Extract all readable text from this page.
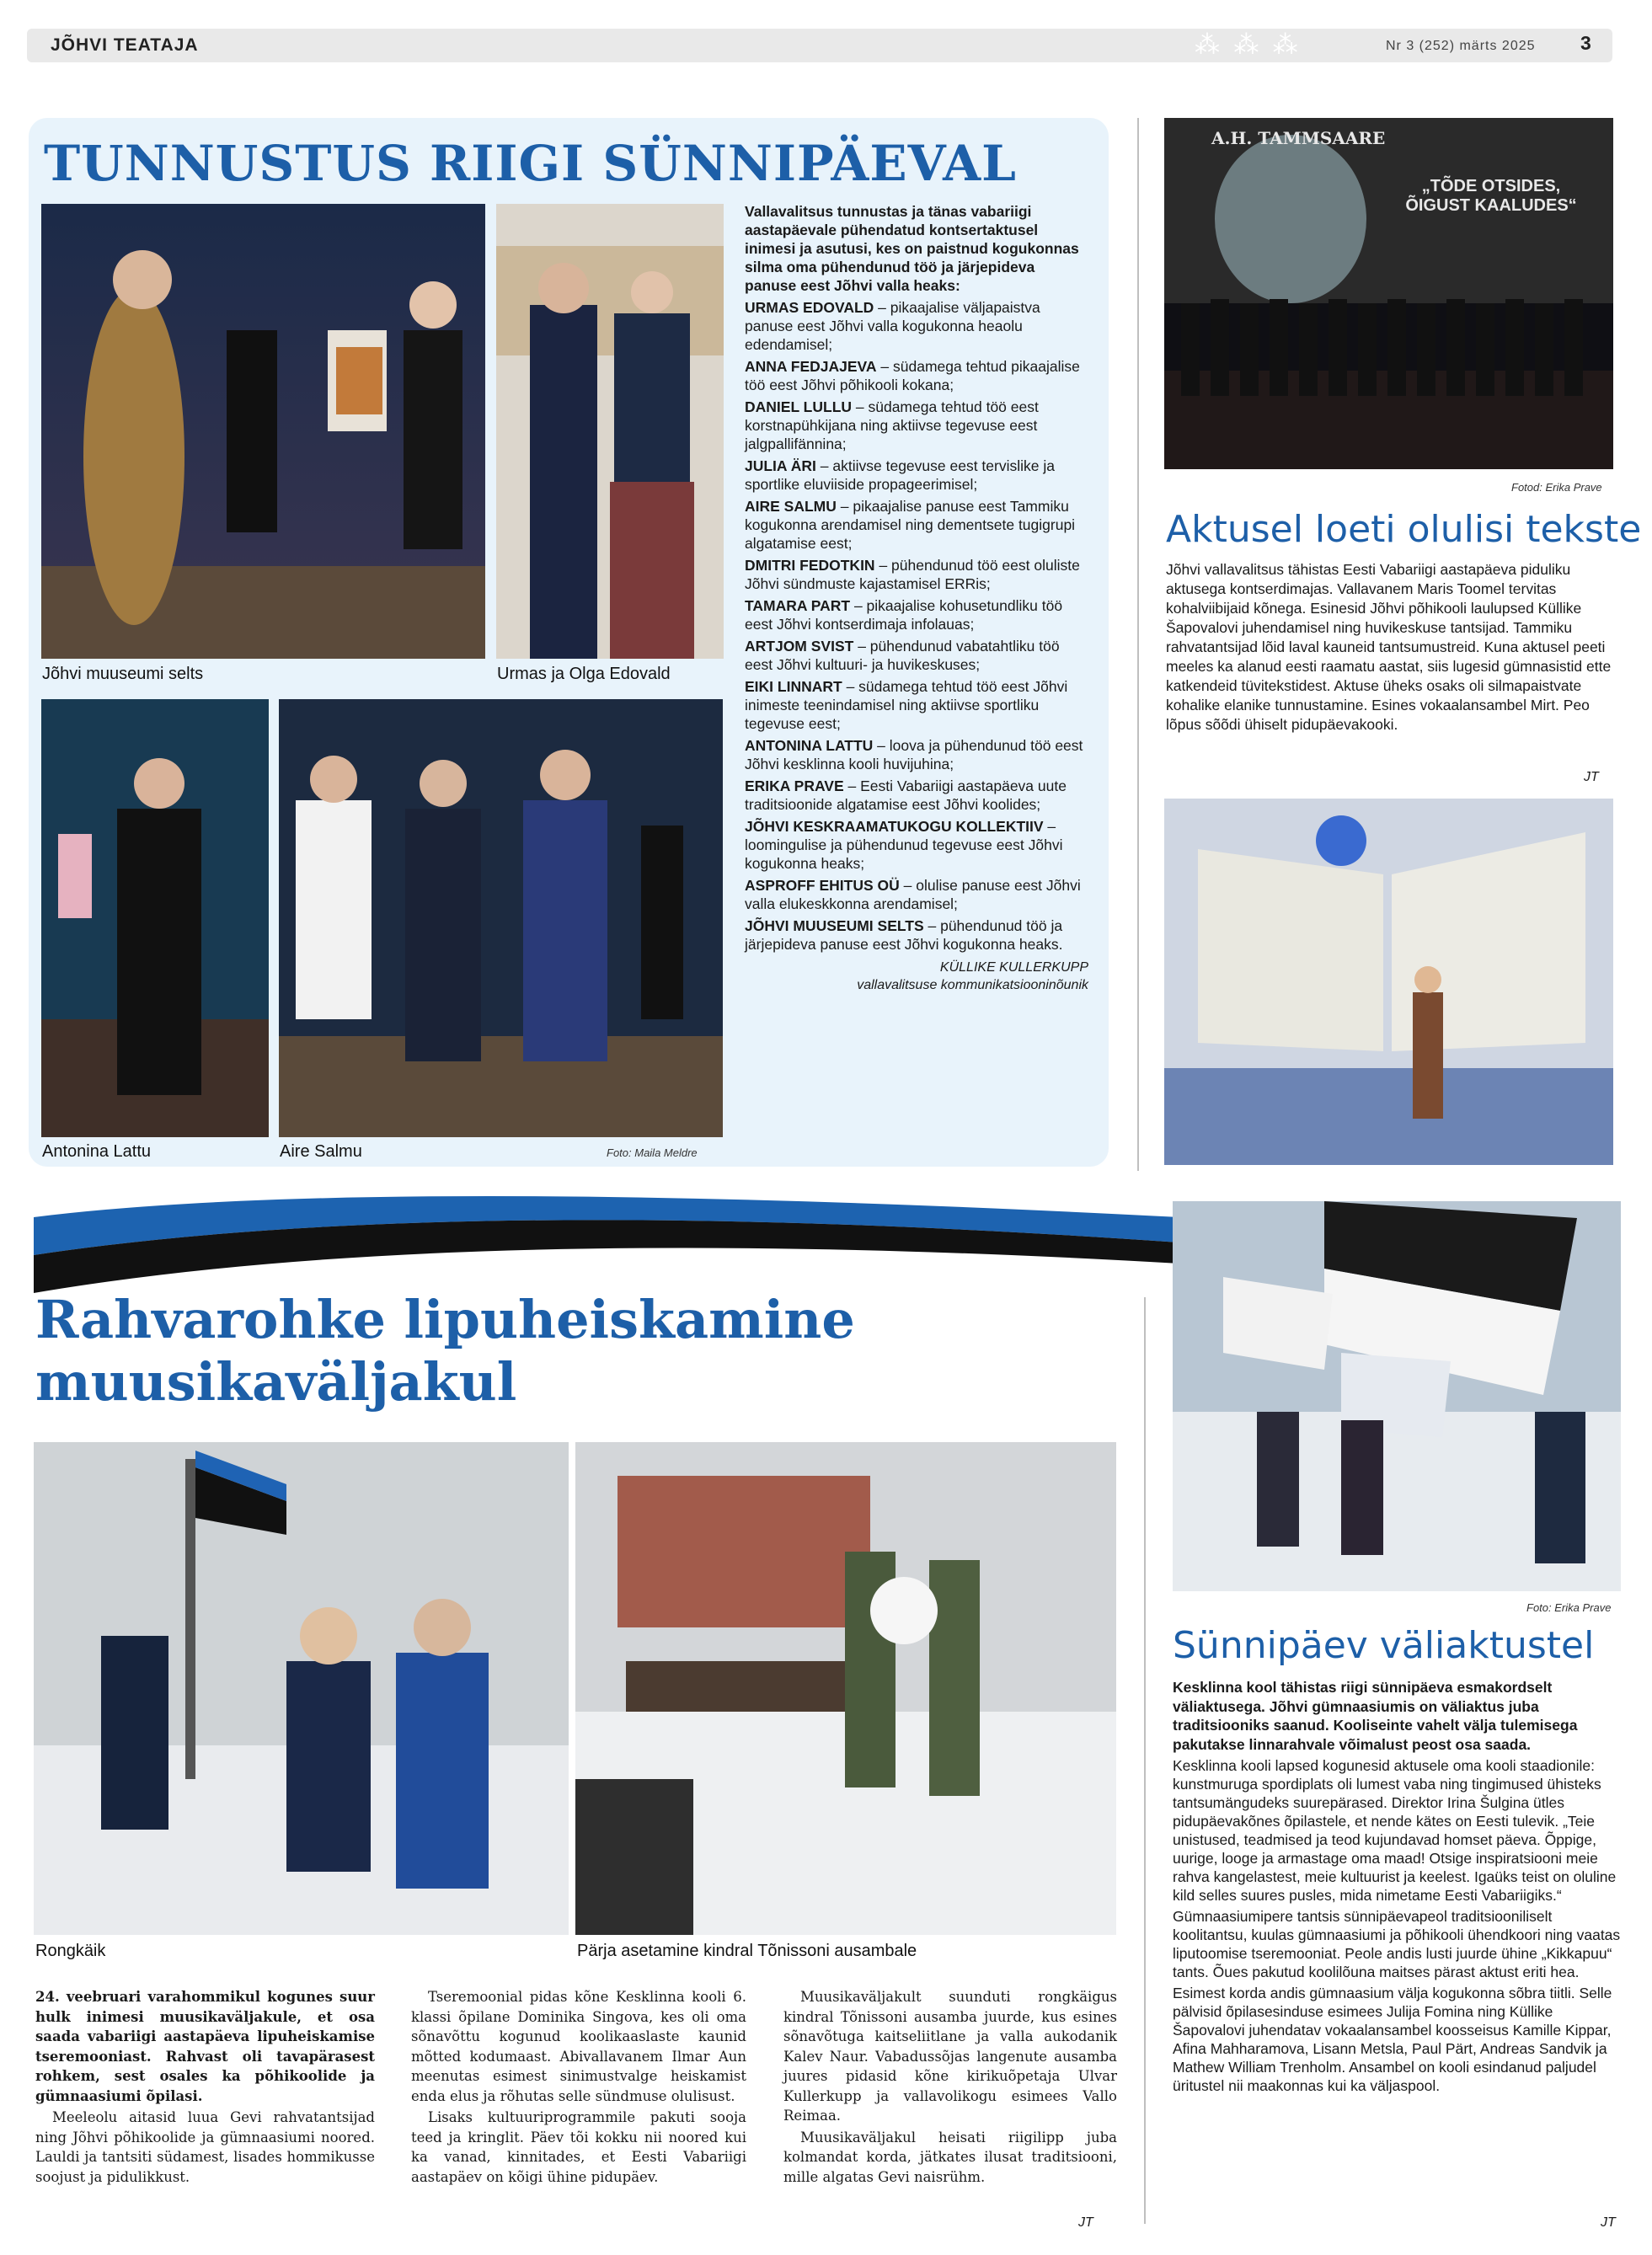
JÕHVI TEATAJA	⁂ ⁂ ⁂	Nr 3 (252) märts 2025 3
TUNNUSTUS RIIGI SÜNNIPÄEVAL
Jõhvi muuseumi selts	Urmas ja Olga Edovald
Antonina Lattu	Aire Salmu	Foto: Maila Meldre
Vallavalitsus tunnustas ja tänas vabariigi aastapäevale pühendatud kontsertaktusel inimesi ja asutusi, kes on paistnud kogukonnas silma oma pühendunud töö ja järjepideva panuse eest Jõhvi valla heaks:
URMAS EDOVALD – pikaajalise väljapaistva panuse eest Jõhvi valla kogukonna heaolu edendamisel;
ANNA FEDJAJEVA – südamega tehtud pikaajalise töö eest Jõhvi põhikooli kokana;
DANIEL LULLU – südamega tehtud töö eest korstnapühkijana ning aktiivse tegevuse eest jalgpallifännina;
JULIA ÄRI – aktiivse tegevuse eest tervislike ja sportlike eluviiside propageerimisel;
AIRE SALMU – pikaajalise panuse eest Tammiku kogukonna arendamisel ning dementsete tugigrupi algatamise eest;
DMITRI FEDOTKIN – pühendunud töö eest oluliste Jõhvi sündmuste kajastamisel ERRis;
TAMARA PART – pikaajalise kohusetundliku töö eest Jõhvi kontserdimaja infolauas;
ARTJOM SVIST – pühendunud vabatahtliku töö eest Jõhvi kultuuri- ja huvikeskuses;
EIKI LINNART – südamega tehtud töö eest Jõhvi inimeste teenindamisel ning aktiivse sportliku tegevuse eest;
ANTONINA LATTU – loova ja pühendunud töö eest Jõhvi kesklinna kooli huvijuhina;
ERIKA PRAVE – Eesti Vabariigi aastapäeva uute traditsioonide algatamise eest Jõhvi koolides;
JÕHVI KESKRAAMATUKOGU KOLLEKTIIV – loomingulise ja pühendunud tegevuse eest Jõhvi kogukonna heaks;
ASPROFF EHITUS OÜ – olulise panuse eest Jõhvi valla elukeskkonna arendamisel;
JÕHVI MUUSEUMI SELTS – pühendunud töö ja järjepideva panuse eest Jõhvi kogukonna heaks.
KÜLLIKE KULLERKUPP
vallavalitsuse kommunikatsiooninõunik
A.H. TAMMSAARE
„TÕDE OTSIDES, ÕIGUST KAALUDES“
Fotod: Erika Prave
Aktusel loeti olulisi tekste
Jõhvi vallavalitsus tähistas Eesti Vabariigi aastapäeva piduliku aktusega kontserdimajas. Vallavanem Maris Toomel tervitas kohalviibijaid kõnega. Esinesid Jõhvi põhikooli laulupsed Küllike Šapovalovi juhendamisel ning huvikeskuse tantsijad. Tammiku rahvatantsijad lõid laval kauneid tantsumustreid. Kuna aktusel peeti meeles ka alanud eesti raamatu aastat, siis lugesid gümnasistid ette katkendeid tüvitekstidest. Aktuse üheks osaks oli silmapaistvate kohalike elanike tunnustamine. Esines vokaalansambel Mirt. Peo lõpus sõõdi ühiselt pidupäevakooki.
JT
Rahvarohke lipuheiskamine
muusikaväljakul
Rongkäik	Pärja asetamine kindral Tõnissoni ausambale

24. veebruari varahommikul kogunes suur hulk inimesi muusikaväljakule, et osa saada vabariigi aastapäeva lipuheiskamise tseremooniast. Rahvast oli tavapärasest rohkem, sest osales ka põhikoolide ja gümnaasiumi õpilasi.

Meeleolu aitasid luua Gevi rahvatantsijad ning Jõhvi põhikoolide ja gümnaasiumi noored. Lauldi ja tantsiti südamest, lisades hommikusse soojust ja pidulikkust.

Tseremoonial pidas kõne Kesklinna kooli 6. klassi õpilane Dominika Singova, kes oli oma sõnavõttu kogunud koolikaaslaste kaunid mõtted kodumaast. Abivallavanem Ilmar Aun meenutas esimest sinimustvalge heiskamist enda elus ja rõhutas selle sündmuse olulisust.

Lisaks kultuuriprogrammile pakuti sooja teed ja kringlit. Päev tõi kokku nii noored kui ka vanad, kinnitades, et Eesti Vabariigi aastapäev on kõigi ühine pidupäev.

Muusikaväljakult suunduti rongkäigus kindral Tõnissoni ausamba juurde, kus esines sõnavõtuga kaitseliitlane ja valla aukodanik Kalev Naur. Vabadussõjas langenute ausamba juures pidasid kõne kirikuõpetaja Ulvar Kullerkupp ja vallavolikogu esimees Vallo Reimaa.

Muusikaväljakul heisati riigilipp juba kolmandat korda, jätkates ilusat traditsiooni, mille algatas Gevi naisrühm.

JT
Foto: Erika Prave
Sünnipäev väliaktustel
Kesklinna kool tähistas riigi sünnipäeva esmakordselt väliaktusega. Jõhvi gümnaasiumis on väliaktus juba traditsiooniks saanud. Kooliseinte vahelt välja tulemisega pakutakse linnarahvale võimalust peost osa saada.
Kesklinna kooli lapsed kogunesid aktusele oma kooli staadionile: kunstmuruga spordiplats oli lumest vaba ning tingimused ühisteks tantsumängudeks suurepärased. Direktor Irina Šulgina ütles pidupäevakõnes õpilastele, et nende kätes on Eesti tulevik. „Teie unistused, teadmised ja teod kujundavad homset päeva. Õppige, uurige, looge ja armastage oma maad! Otsige inspiratsiooni meie rahva kangelastest, meie kultuurist ja keelest. Igaüks teist on oluline kild selles suures pusles, mida nimetame Eesti Vabariigiks.“
Gümnaasiumipere tantsis sünnipäevapeol traditsiooniliselt koolitantsu, kuulas gümnaasiumi ja põhikooli ühendkoori ning vaatas liputoomise tseremooniat. Peole andis lusti juurde ühine „Kikkapuu“ tants. Õues pakutud koolilõuna maitses pärast aktust eriti hea.
Esimest korda andis gümnaasium välja kogukonna sõbra tiitli. Selle pälvisid õpilasesinduse esimees Julija Fomina ning Küllike Šapovalovi juhendatav vokaalansambel koosseisus Kamille Kippar, Afina Mahharamova, Lisann Metsla, Paul Pärt, Andreas Sandvik ja Mathew William Trenholm. Ansambel on kooli esindanud paljudel üritustel nii maakonnas kui ka väljaspool.
JT
